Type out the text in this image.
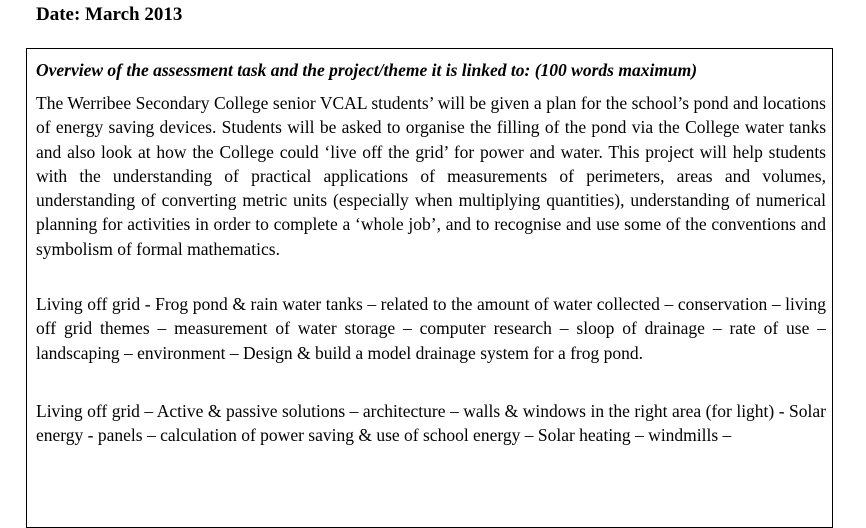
Date: March 2013
Overview of the assessment task and the project/theme it is linked to: (100 words maximum)

The Werribee Secondary College senior VCAL students’ will be given a plan for the school’s pond and locations of energy saving devices. Students will be asked to organise the filling of the pond via the College water tanks and also look at how the College could ‘live off the grid’ for power and water. This project will help students with the understanding of practical applications of measurements of perimeters, areas and volumes, understanding of converting metric units (especially when multiplying quantities), understanding of numerical planning for activities in order to complete a ‘whole job’, and to recognise and use some of the conventions and symbolism of formal mathematics.

Living off grid - Frog pond & rain water tanks – related to the amount of water collected – conservation – living off grid themes – measurement of water storage – computer research – sloop of drainage – rate of use – landscaping – environment – Design & build a model drainage system for a frog pond.

Living off grid – Active & passive solutions – architecture – walls & windows in the right area (for light) - Solar energy - panels – calculation of power saving & use of school energy – Solar heating – windmills –
